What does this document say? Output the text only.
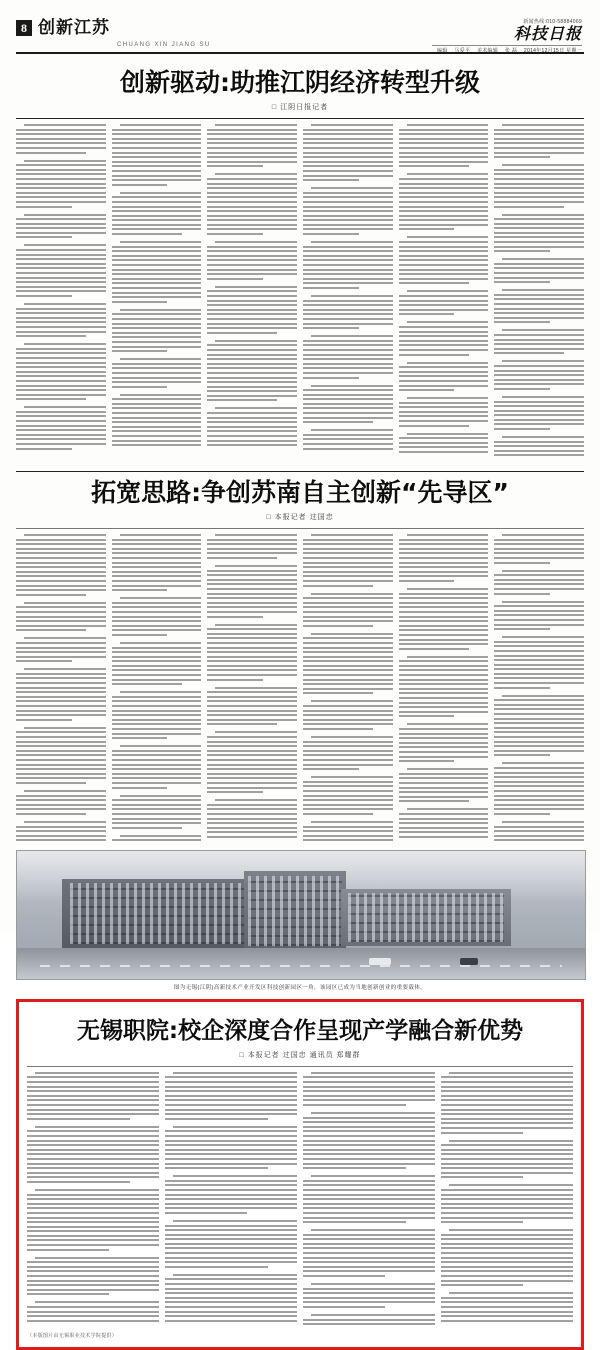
8 创新江苏
CHUANG XIN JIANG SU
新闻热线:010-58884069
科技日报
编辑 马爱平 美术编辑 张 磊 2014年12月15日 星期一
创新驱动:助推江阴经济转型升级
□ 江阴日报记者
拓宽思路:争创苏南自主创新“先导区”
□ 本报记者 过国忠
图为无锡(江阴)高新技术产业开发区科技创新园区一角，该园区已成为当地创新创业的重要载体。
无锡职院:校企深度合作呈现产学融合新优势
□ 本报记者 过国忠 通讯员 郑耀群
（本版图片由无锡职业技术学院提供）
